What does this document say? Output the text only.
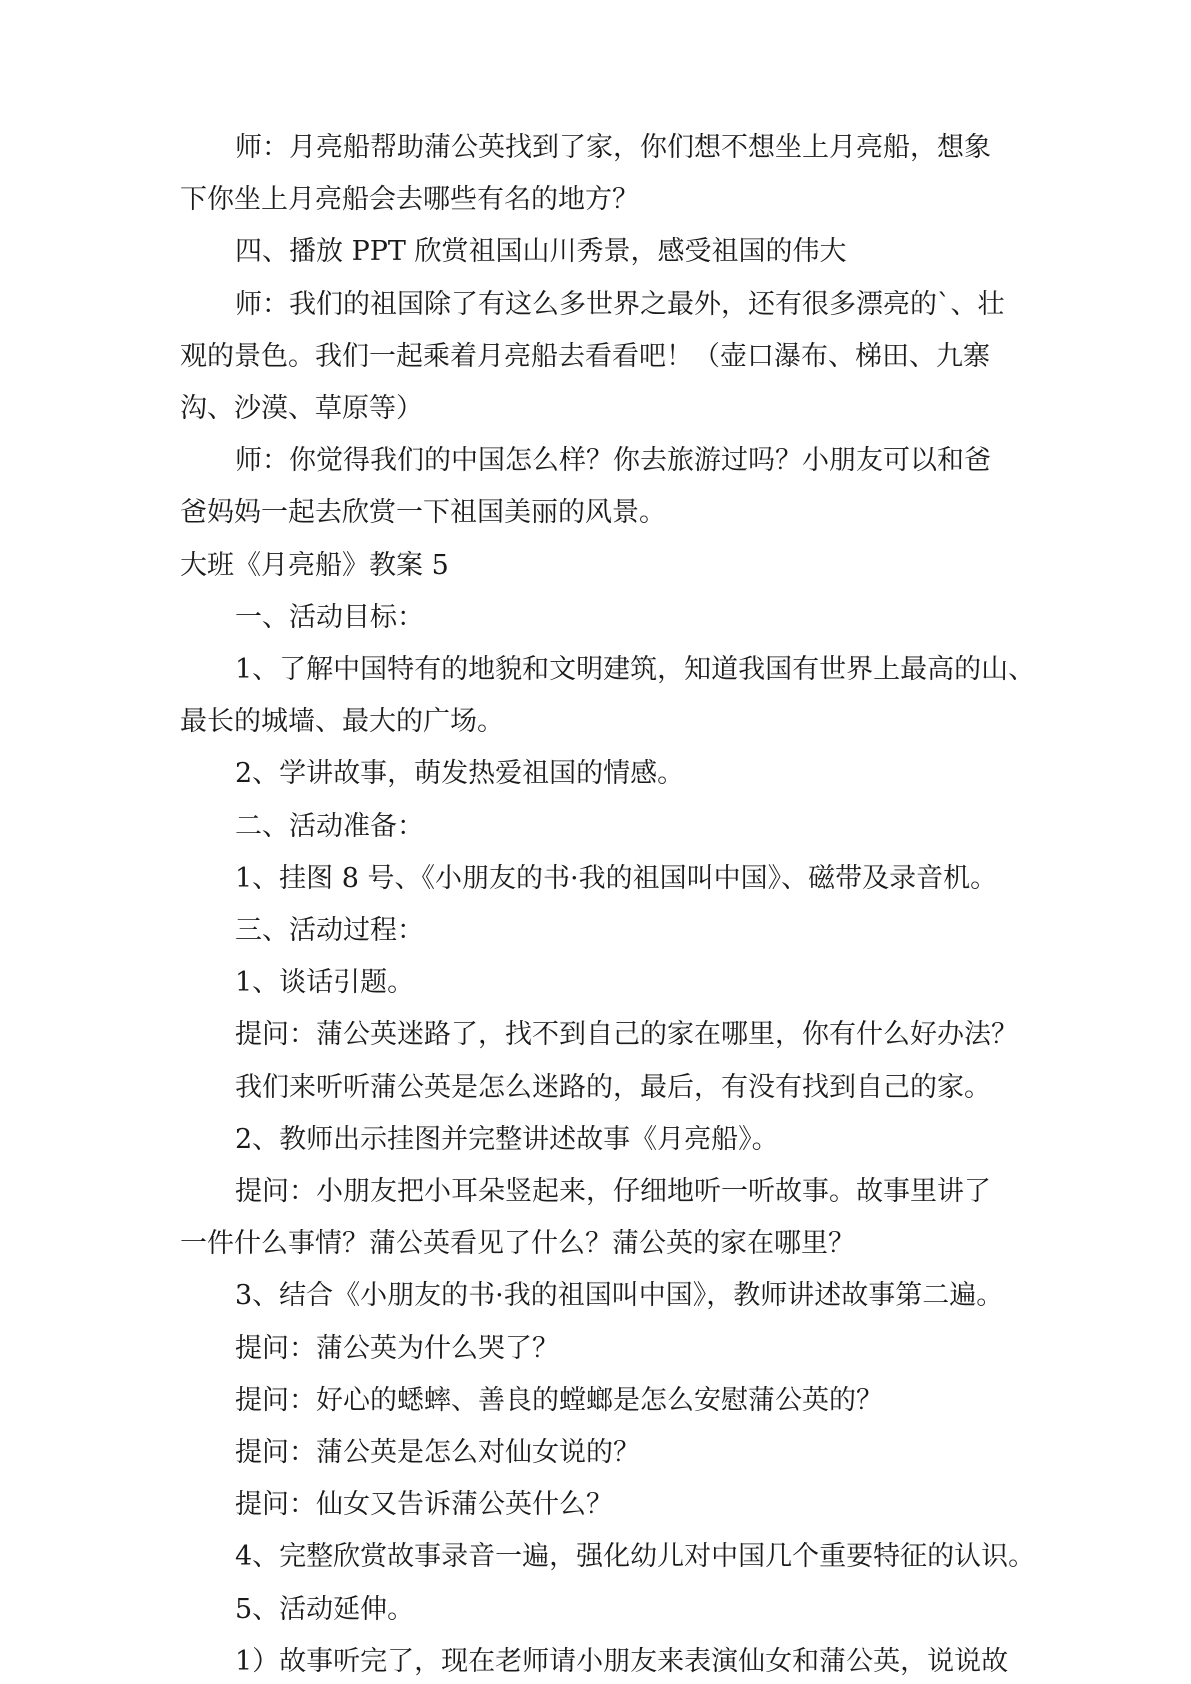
师：月亮船帮助蒲公英找到了家，你们想不想坐上月亮船，想象

下你坐上月亮船会去哪些有名的地方？

四、播放 PPT 欣赏祖国山川秀景，感受祖国的伟大

师：我们的祖国除了有这么多世界之最外，还有很多漂亮的`、壮

观的景色。我们一起乘着月亮船去看看吧！（壶口瀑布、梯田、九寨

沟、沙漠、草原等）

师：你觉得我们的中国怎么样？你去旅游过吗？小朋友可以和爸

爸妈妈一起去欣赏一下祖国美丽的风景。

大班《月亮船》教案 5

一、活动目标：

1、了解中国特有的地貌和文明建筑，知道我国有世界上最高的山、

最长的城墙、最大的广场。

2、学讲故事，萌发热爱祖国的情感。

二、活动准备：

1、挂图 8 号、《小朋友的书·我的祖国叫中国》、磁带及录音机。

三、活动过程：

1、谈话引题。

提问：蒲公英迷路了，找不到自己的家在哪里，你有什么好办法？

我们来听听蒲公英是怎么迷路的，最后，有没有找到自己的家。

2、教师出示挂图并完整讲述故事《月亮船》。

提问：小朋友把小耳朵竖起来，仔细地听一听故事。故事里讲了

一件什么事情？蒲公英看见了什么？蒲公英的家在哪里？

3、结合《小朋友的书·我的祖国叫中国》，教师讲述故事第二遍。

提问：蒲公英为什么哭了？

提问：好心的蟋蟀、善良的螳螂是怎么安慰蒲公英的？

提问：蒲公英是怎么对仙女说的？

提问：仙女又告诉蒲公英什么？

4、完整欣赏故事录音一遍，强化幼儿对中国几个重要特征的认识。

5、活动延伸。

1）故事听完了，现在老师请小朋友来表演仙女和蒲公英，说说故
